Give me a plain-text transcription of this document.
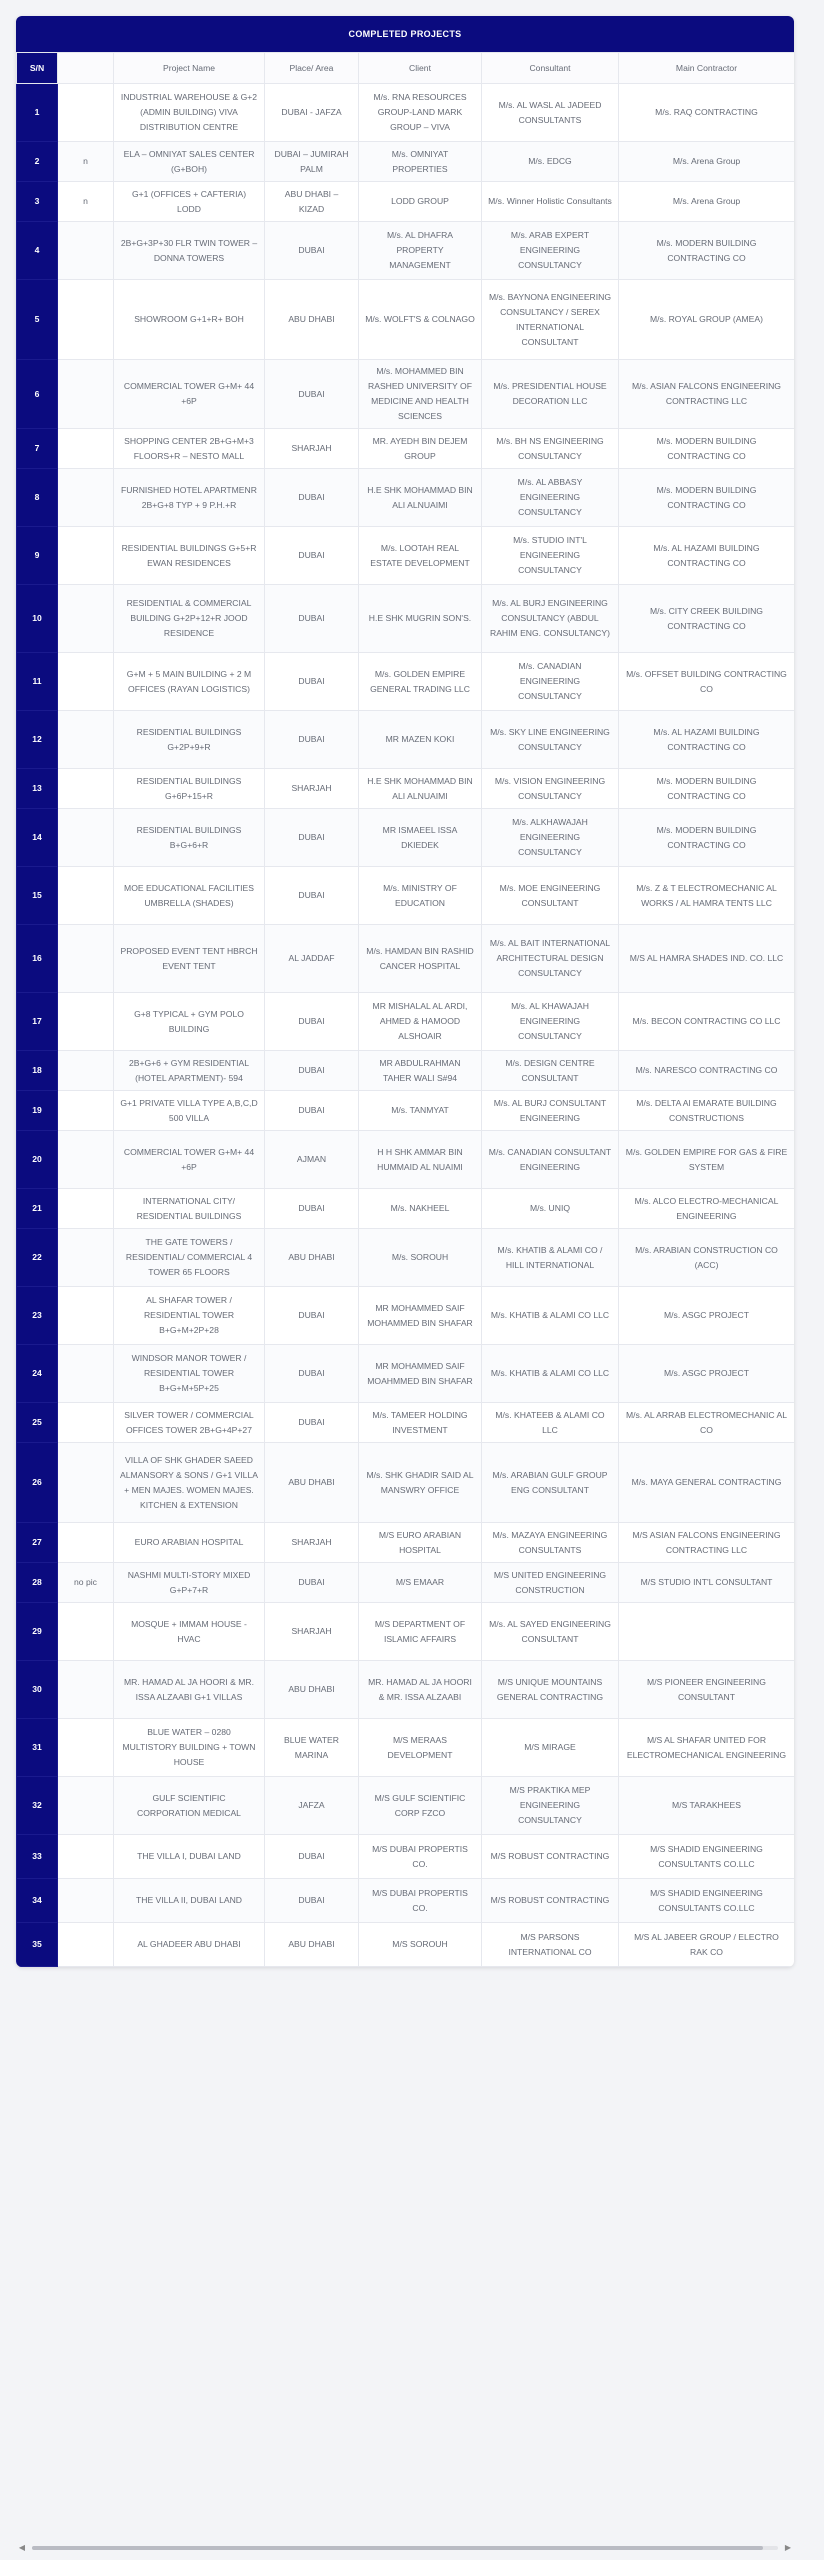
COMPLETED PROJECTS
S/N		Project Name	Place/ Area	Client	Consultant	Main Contractor
1		INDUSTRIAL WAREHOUSE & G+2 (ADMIN BUILDING) VIVA DISTRIBUTION CENTRE	DUBAI - JAFZA	M/s. RNA RESOURCES GROUP-LAND MARK GROUP – VIVA	M/s. AL WASL AL JADEED CONSULTANTS	M/s. RAQ CONTRACTING
2	n	ELA – OMNIYAT SALES CENTER (G+BOH)	DUBAI – JUMIRAH PALM	M/s. OMNIYAT PROPERTIES	M/s. EDCG	M/s. Arena Group
3	n	G+1 (OFFICES + CAFTERIA) LODD	ABU DHABI – KIZAD	LODD GROUP	M/s. Winner Holistic Consultants	M/s. Arena Group
4		2B+G+3P+30 FLR TWIN TOWER – DONNA TOWERS	DUBAI	M/s. AL DHAFRA PROPERTY MANAGEMENT	M/s. ARAB EXPERT ENGINEERING CONSULTANCY	M/s. MODERN BUILDING CONTRACTING CO
5		SHOWROOM G+1+R+ BOH	ABU DHABI	M/s. WOLFT'S & COLNAGO	M/s. BAYNONA ENGINEERING CONSULTANCY / SEREX INTERNATIONAL CONSULTANT	M/s. ROYAL GROUP (AMEA)
6		COMMERCIAL TOWER G+M+ 44 +6P	DUBAI	M/s. MOHAMMED BIN RASHED UNIVERSITY OF MEDICINE AND HEALTH SCIENCES	M/s. PRESIDENTIAL HOUSE DECORATION LLC	M/s. ASIAN FALCONS ENGINEERING CONTRACTING LLC
7		SHOPPING CENTER 2B+G+M+3 FLOORS+R – NESTO MALL	SHARJAH	MR. AYEDH BIN DEJEM GROUP	M/s. BH NS ENGINEERING CONSULTANCY	M/s. MODERN BUILDING CONTRACTING CO
8		FURNISHED HOTEL APARTMENR 2B+G+8 TYP + 9 P.H.+R	DUBAI	H.E SHK MOHAMMAD BIN ALI ALNUAIMI	M/s. AL ABBASY ENGINEERING CONSULTANCY	M/s. MODERN BUILDING CONTRACTING CO
9		RESIDENTIAL BUILDINGS G+5+R EWAN RESIDENCES	DUBAI	M/s. LOOTAH REAL ESTATE DEVELOPMENT	M/s. STUDIO INT'L ENGINEERING CONSULTANCY	M/s. AL HAZAMI BUILDING CONTRACTING CO
10		RESIDENTIAL & COMMERCIAL BUILDING G+2P+12+R JOOD RESIDENCE	DUBAI	H.E SHK MUGRIN SON'S.	M/s. AL BURJ ENGINEERING CONSULTANCY (ABDUL RAHIM ENG. CONSULTANCY)	M/s. CITY CREEK BUILDING CONTRACTING CO
11		G+M + 5 MAIN BUILDING + 2 M OFFICES (RAYAN LOGISTICS)	DUBAI	M/s. GOLDEN EMPIRE GENERAL TRADING LLC	M/s. CANADIAN ENGINEERING CONSULTANCY	M/s. OFFSET BUILDING CONTRACTING CO
12		RESIDENTIAL BUILDINGS G+2P+9+R	DUBAI	MR MAZEN KOKI	M/s. SKY LINE ENGINEERING CONSULTANCY	M/s. AL HAZAMI BUILDING CONTRACTING CO
13		RESIDENTIAL BUILDINGS G+6P+15+R	SHARJAH	H.E SHK MOHAMMAD BIN ALI ALNUAIMI	M/s. VISION ENGINEERING CONSULTANCY	M/s. MODERN BUILDING CONTRACTING CO
14		RESIDENTIAL BUILDINGS B+G+6+R	DUBAI	MR ISMAEEL ISSA DKIEDEK	M/s. ALKHAWAJAH ENGINEERING CONSULTANCY	M/s. MODERN BUILDING CONTRACTING CO
15		MOE EDUCATIONAL FACILITIES UMBRELLA (SHADES)	DUBAI	M/s. MINISTRY OF EDUCATION	M/s. MOE ENGINEERING CONSULTANT	M/s. Z & T ELECTROMECHANIC AL WORKS / AL HAMRA TENTS LLC
16		PROPOSED EVENT TENT HBRCH EVENT TENT	AL JADDAF	M/s. HAMDAN BIN RASHID CANCER HOSPITAL	M/s. AL BAIT INTERNATIONAL ARCHITECTURAL DESIGN CONSULTANCY	M/S AL HAMRA SHADES IND. CO. LLC
17		G+8 TYPICAL + GYM POLO BUILDING	DUBAI	MR MISHALAL AL ARDI, AHMED & HAMOOD ALSHOAIR	M/s. AL KHAWAJAH ENGINEERING CONSULTANCY	M/s. BECON CONTRACTING CO LLC
18		2B+G+6 + GYM RESIDENTIAL (HOTEL APARTMENT)- 594	DUBAI	MR ABDULRAHMAN TAHER WALI S#94	M/s. DESIGN CENTRE CONSULTANT	M/s. NARESCO CONTRACTING CO
19		G+1 PRIVATE VILLA TYPE A,B,C,D 500 VILLA	DUBAI	M/s. TANMYAT	M/s. AL BURJ CONSULTANT ENGINEERING	M/s. DELTA Al EMARATE BUILDING CONSTRUCTIONS
20		COMMERCIAL TOWER G+M+ 44 +6P	AJMAN	H H SHK AMMAR BIN HUMMAID AL NUAIMI	M/s. CANADIAN CONSULTANT ENGINEERING	M/s. GOLDEN EMPIRE FOR GAS & FIRE SYSTEM
21		INTERNATIONAL CITY/ RESIDENTIAL BUILDINGS	DUBAI	M/s. NAKHEEL	M/s. UNIQ	M/s. ALCO ELECTRO-MECHANICAL ENGINEERING
22		THE GATE TOWERS / RESIDENTIAL/ COMMERCIAL 4 TOWER 65 FLOORS	ABU DHABI	M/s. SOROUH	M/s. KHATIB & ALAMI CO / HILL INTERNATIONAL	M/s. ARABIAN CONSTRUCTION CO (ACC)
23		AL SHAFAR TOWER / RESIDENTIAL TOWER B+G+M+2P+28	DUBAI	MR MOHAMMED SAIF MOHAMMED BIN SHAFAR	M/s. KHATIB & ALAMI CO LLC	M/s. ASGC PROJECT
24		WINDSOR MANOR TOWER / RESIDENTIAL TOWER B+G+M+5P+25	DUBAI	MR MOHAMMED SAIF MOAHMMED BIN SHAFAR	M/s. KHATIB & ALAMI CO LLC	M/s. ASGC PROJECT
25		SILVER TOWER / COMMERCIAL OFFICES TOWER 2B+G+4P+27	DUBAI	M/s. TAMEER HOLDING INVESTMENT	M/s. KHATEEB & ALAMI CO LLC	M/s. AL ARRAB ELECTROMECHANIC AL CO
26		VILLA OF SHK GHADER SAEED ALMANSORY & SONS / G+1 VILLA + MEN MAJES. WOMEN MAJES. KITCHEN & EXTENSION	ABU DHABI	M/s. SHK GHADIR SAID AL MANSWRY OFFICE	M/s. ARABIAN GULF GROUP ENG CONSULTANT	M/s. MAYA GENERAL CONTRACTING
27		EURO ARABIAN HOSPITAL	SHARJAH	M/S EURO ARABIAN HOSPITAL	M/s. MAZAYA ENGINEERING CONSULTANTS	M/S ASIAN FALCONS ENGINEERING CONTRACTING LLC
28	no pic	NASHMI MULTI-STORY MIXED G+P+7+R	DUBAI	M/S EMAAR	M/S UNITED ENGINEERING CONSTRUCTION	M/S STUDIO INT'L CONSULTANT
29		MOSQUE + IMMAM HOUSE - HVAC	SHARJAH	M/S DEPARTMENT OF ISLAMIC AFFAIRS	M/s. AL SAYED ENGINEERING CONSULTANT	
30		MR. HAMAD AL JA HOORI & MR. ISSA ALZAABI G+1 VILLAS	ABU DHABI	MR. HAMAD AL JA HOORI & MR. ISSA ALZAABI	M/S UNIQUE MOUNTAINS GENERAL CONTRACTING	M/S PIONEER ENGINEERING CONSULTANT
31		BLUE WATER – 0280 MULTISTORY BUILDING + TOWN HOUSE	BLUE WATER MARINA	M/S MERAAS DEVELOPMENT	M/S MIRAGE	M/S AL SHAFAR UNITED FOR ELECTROMECHANICAL ENGINEERING
32		GULF SCIENTIFIC CORPORATION MEDICAL	JAFZA	M/S GULF SCIENTIFIC CORP FZCO	M/S PRAKTIKA MEP ENGINEERING CONSULTANCY	M/S TARAKHEES
33		THE VILLA I, DUBAI LAND	DUBAI	M/S DUBAI PROPERTIS CO.	M/S ROBUST CONTRACTING	M/S SHADID ENGINEERING CONSULTANTS CO.LLC
34		THE VILLA II, DUBAI LAND	DUBAI	M/S DUBAI PROPERTIS CO.	M/S ROBUST CONTRACTING	M/S SHADID ENGINEERING CONSULTANTS CO.LLC
35		AL GHADEER ABU DHABI	ABU DHABI	M/S SOROUH	M/S PARSONS INTERNATIONAL CO	M/S AL JABEER GROUP / ELECTRO RAK CO
◀	▶
